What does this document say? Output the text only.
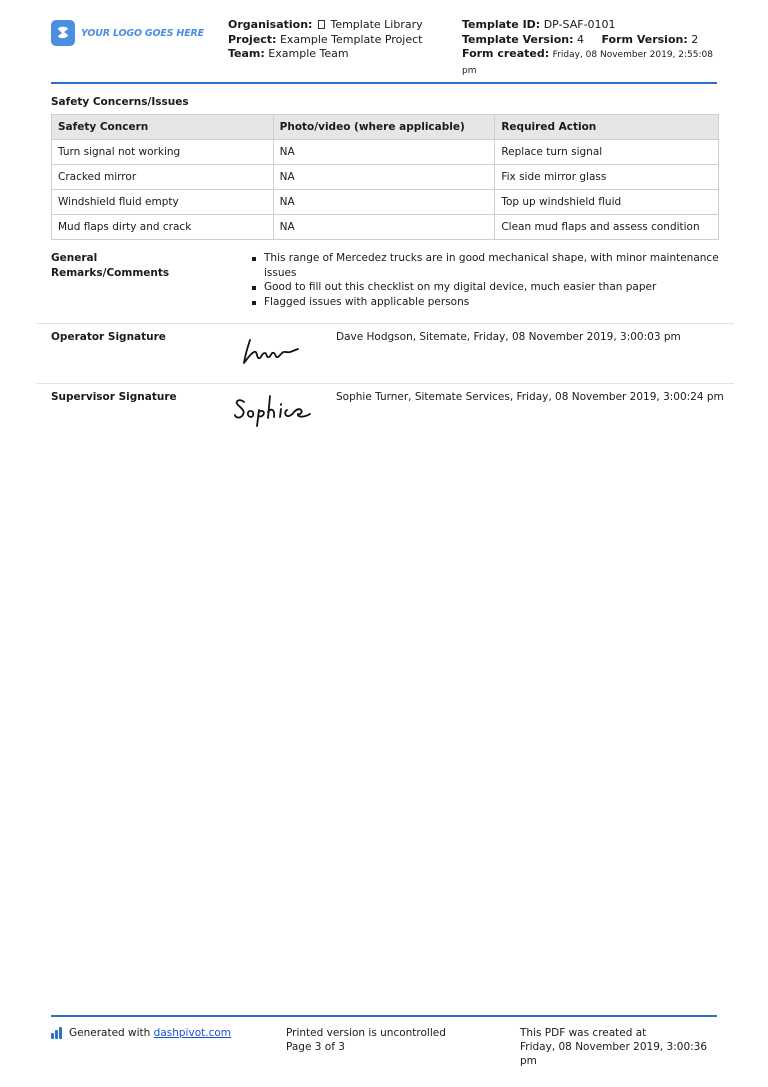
YOUR LOGO GOES HERE
Organisation: Template Library
Project: Example Template Project
Team: Example Team
Template ID: DP-SAF-0101
Template Version: 4 Form Version: 2
Form created: Friday, 08 November 2019, 2:55:08 pm
Safety Concerns/Issues
Safety Concern	Photo/video (where applicable)	Required Action
Turn signal not working	NA	Replace turn signal
Cracked mirror	NA	Fix side mirror glass
Windshield fluid empty	NA	Top up windshield fluid
Mud flaps dirty and crack	NA	Clean mud flaps and assess condition
General Remarks/Comments
This range of Mercedez trucks are in good mechanical shape, with minor maintenance issues
Good to fill out this checklist on my digital device, much easier than paper
Flagged issues with applicable persons
Operator Signature	Dave Hodgson, Sitemate, Friday, 08 November 2019, 3:00:03 pm
Supervisor Signature	Sophie Turner, Sitemate Services, Friday, 08 November 2019, 3:00:24 pm
Generated with
dashpivot.com	Printed version is uncontrolled
Page 3 of 3
This PDF was created at
Friday, 08 November 2019, 3:00:36 pm
